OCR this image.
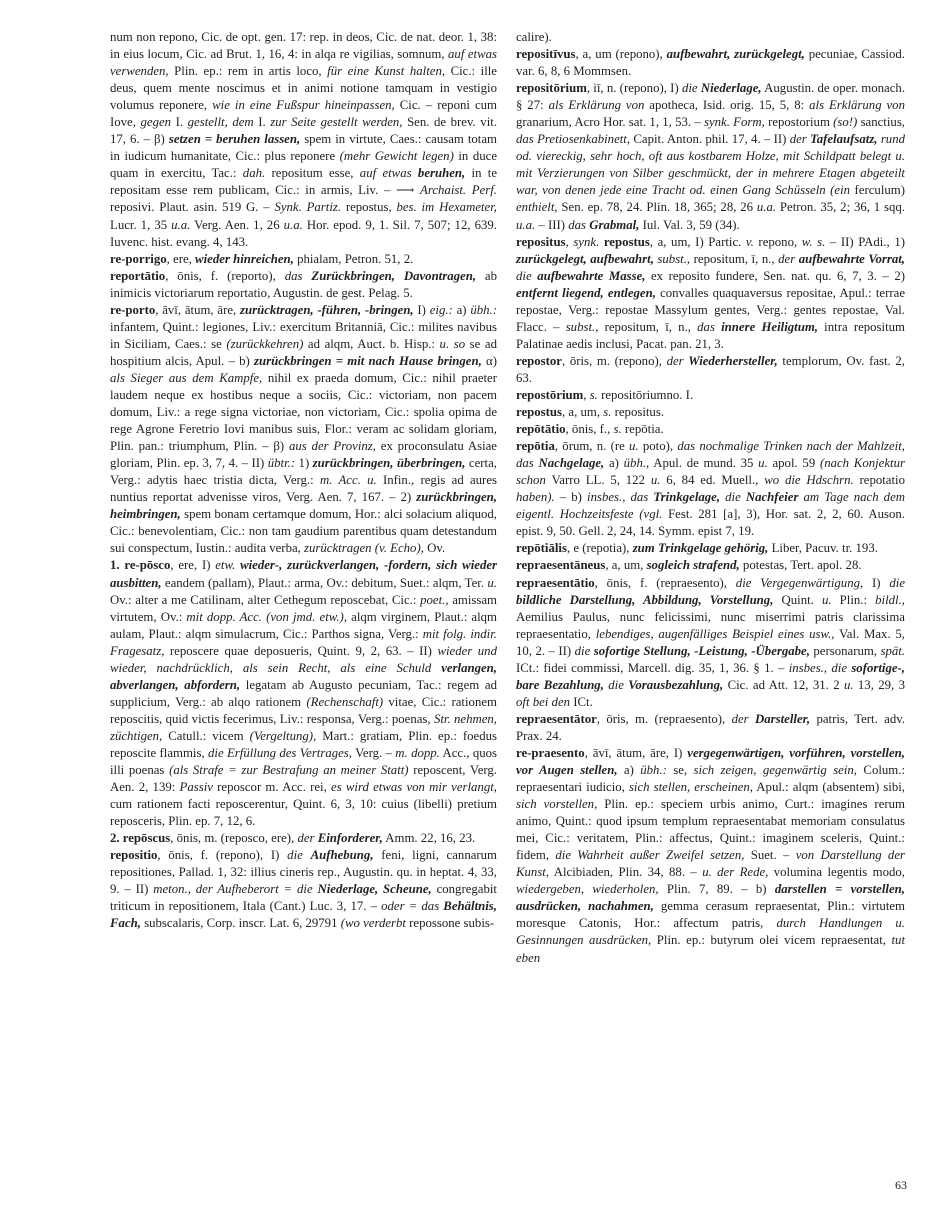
num non repono, Cic. de opt. gen. 17: rep. in deos, Cic. de nat. deor. 1, 38: in eius locum, Cic. ad Brut. 1, 16, 4: in alqa re vigilias, somnum, auf etwas verwenden, Plin. ep.: rem in artis loco, für eine Kunst halten, Cic.: ille deus, quem mente noscimus et in animi notione tamquam in vestigio volumus reponere, wie in eine Fußspur hineinpassen, Cic. – reponi cum Iove, gegen I. gestellt, dem I. zur Seite gestellt werden, Sen. de brev. vit. 17, 6. – β) setzen = beruhen lassen, spem in virtute, Caes.: causam totam in iudicum humanitate, Cic.: plus reponere (mehr Gewicht legen) in duce quam in exercitu, Tac.: dah. repositum esse, auf etwas beruhen, in te repositam esse rem publicam, Cic.: in armis, Liv. – ⟶ Archaist. Perf. reposivi. Plaut. asin. 519 G. – Synk. Partiz. repostus, bes. im Hexameter, Lucr. 1, 35 u.a. Verg. Aen. 1, 26 u.a. Hor. epod. 9, 1. Sil. 7, 507; 12, 639. Iuvenc. hist. evang. 4, 143.

re-porrigo, ere, wieder hinreichen, phialam, Petron. 51, 2.

reportātio, ōnis, f. (reporto), das Zurückbringen, Davontragen, ab inimicis victoriarum reportatio, Augustin. de gest. Pelag. 5.

re-porto, āvī, ātum, āre, zurücktragen, -führen, -bringen, I) eig.: a) übh.: infantem, Quint.: legiones, Liv.: exercitum Britanniā, Cic.: milites navibus in Siciliam, Caes.: se (zurückkehren) ad alqm, Auct. b. Hisp.: u. so se ad hospitium alcis, Apul. – b) zurückbringen = mit nach Hause bringen, α) als Sieger aus dem Kampfe, nihil ex praeda domum, Cic.: nihil praeter laudem neque ex hostibus neque a sociis, Cic.: victoriam, non pacem domum, Liv.: a rege signa victoriae, non victoriam, Cic.: spolia opima de rege Agrone Feretrio Iovi manibus suis, Flor.: veram ac solidam gloriam, Plin. pan.: triumphum, Plin. – β) aus der Provinz, ex proconsulatu Asiae gloriam, Plin. ep. 3, 7, 4. – II) übtr.: 1) zurückbringen, überbringen, certa, Verg.: adytis haec tristia dicta, Verg.: m. Acc. u. Infin., regis ad aures nuntius reportat advenisse viros, Verg. Aen. 7, 167. – 2) zurückbringen, heimbringen, spem bonam certamque domum, Hor.: alci solacium aliquod, Cic.: benevolentiam, Cic.: non tam gaudium parentibus quam detestandum sui conspectum, Iustin.: audita verba, zurücktragen (v. Echo), Ov.

1. re-pōsco, ere, I) etw. wieder-, zurückverlangen, -fordern, sich wieder ausbitten, eandem (pallam), Plaut.: arma, Ov.: debitum, Suet.: alqm, Ter. u. Ov.: alter a me Catilinam, alter Cethegum reposcebat, Cic.: poet., amissam virtutem, Ov.: mit dopp. Acc. (von jmd. etw.), alqm virginem, Plaut.: alqm aulam, Plaut.: alqm simulacrum, Cic.: Parthos signa, Verg.: mit folg. indir. Fragesatz, reposcere quae deposueris, Quint. 9, 2, 63. – II) wieder und wieder, nachdrücklich, als sein Recht, als eine Schuld verlangen, abverlangen, abfordern, legatam ab Augusto pecuniam, Tac.: regem ad supplicium, Verg.: ab alqo rationem (Rechenschaft) vitae, Cic.: rationem reposcitis, quid victis fecerimus, Liv.: responsa, Verg.: poenas, Str. nehmen, züchtigen, Catull.: vicem (Vergeltung), Mart.: gratiam, Plin. ep.: foedus reposcite flammis, die Erfüllung des Vertrages, Verg. – m. dopp. Acc., quos illi poenas (als Strafe = zur Bestrafung an meiner Statt) reposcent, Verg. Aen. 2, 139: Passiv reposcor m. Acc. rei, es wird etwas von mir verlangt, cum rationem facti reposcerentur, Quint. 6, 3, 10: cuius (libelli) pretium reposceris, Plin. ep. 7, 12, 6.

2. repōscus, ōnis, m. (reposco, ere), der Einforderer, Amm. 22, 16, 23.

repositio, ōnis, f. (repono), I) die Aufhebung, feni, ligni, cannarum repositiones, Pallad. 1, 32: illius cineris rep., Augustin. qu. in heptat. 4, 33, 9. – II) meton., der Aufheberort = die Niederlage, Scheune, congregabit triticum in repositionem, Itala (Cant.) Luc. 3, 17. – oder = das Behältnis, Fach, subscalaris, Corp. inscr. Lat. 6, 29791 (wo verderbt repossone subis-

calire).

repositīvus, a, um (repono), aufbewahrt, zurückgelegt, pecuniae, Cassiod. var. 6, 8, 6 Mommsen.

repositōrium, iī, n. (repono), I) die Niederlage, Augustin. de oper. monach. § 27: als Erklärung von apotheca, Isid. orig. 15, 5, 8: als Erklärung von granarium, Acro Hor. sat. 1, 1, 53. – synk. Form, repostorium (so!) sanctius, das Pretiosenkabinett, Capit. Anton. phil. 17, 4. – II) der Tafelaufsatz, rund od. viereckig, sehr hoch, oft aus kostbarem Holze, mit Schildpatt belegt u. mit Verzierungen von Silber geschmückt, der in mehrere Etagen abgeteilt war, von denen jede eine Tracht od. einen Gang Schüsseln (ein ferculum) enthielt, Sen. ep. 78, 24. Plin. 18, 365; 28, 26 u.a. Petron. 35, 2; 36, 1 sqq. u.a. – III) das Grabmal, Iul. Val. 3, 59 (34).

repositus, synk. repostus, a, um, I) Partic. v. repono, w. s. – II) PAdi., 1) zurückgelegt, aufbewahrt, subst., repositum, ī, n., der aufbewahrte Vorrat, die aufbewahrte Masse, ex reposito fundere, Sen. nat. qu. 6, 7, 3. – 2) entfernt liegend, entlegen, convalles quaquaversus repositae, Apul.: terrae repostae, Verg.: repostae Massylum gentes, Verg.: gentes repostae, Val. Flacc. – subst., repositum, ī, n., das innere Heiligtum, intra repositum Palatinae aedis inclusi, Pacat. pan. 21, 3.

repostor, ōris, m. (repono), der Wiederhersteller, templorum, Ov. fast. 2, 63.

repostōrium, s. repositōriumno. I.

repostus, a, um, s. repositus.

repōtātio, ōnis, f., s. repōtia.

repōtia, ōrum, n. (re u. poto), das nochmalige Trinken nach der Mahlzeit, das Nachgelage, a) übh., Apul. de mund. 35 u. apol. 59 (nach Konjektur schon Varro LL. 5, 122 u. 6, 84 ed. Muell., wo die Hdschrn. repotatio haben). – b) insbes., das Trinkgelage, die Nachfeier am Tage nach dem eigentl. Hochzeitsfeste (vgl. Fest. 281 [a], 3), Hor. sat. 2, 2, 60. Auson. epist. 9, 50. Gell. 2, 24, 14. Symm. epist 7, 19.

repōtiālis, e (repotia), zum Trinkgelage gehörig, Liber, Pacuv. tr. 193.

repraesentāneus, a, um, sogleich strafend, potestas, Tert. apol. 28.

repraesentātio, ōnis, f. (repraesento), die Vergegenwärtigung, I) die bildliche Darstellung, Abbildung, Vorstellung, Quint. u. Plin.: bildl., Aemilius Paulus, nunc felicissimi, nunc miserrimi patris clarissima repraesentatio, lebendiges, augenfälliges Beispiel eines usw., Val. Max. 5, 10, 2. – II) die sofortige Stellung, -Leistung, -Übergabe, personarum, spät. ICt.: fidei commissi, Marcell. dig. 35, 1, 36. § 1. – insbes., die sofortige-, bare Bezahlung, die Vorausbezahlung, Cic. ad Att. 12, 31. 2 u. 13, 29, 3 oft bei den ICt.

repraesentātor, ōris, m. (repraesento), der Darsteller, patris, Tert. adv. Prax. 24.

re-praesento, āvī, ātum, āre, I) vergegenwärtigen, vorführen, vorstellen, vor Augen stellen, a) übh.: se, sich zeigen, gegenwärtig sein, Colum.: repraesentari iudicio, sich stellen, erscheinen, Apul.: alqm (absentem) sibi, sich vorstellen, Plin. ep.: speciem urbis animo, Curt.: imagines rerum animo, Quint.: quod ipsum templum repraesentabat memoriam consulatus mei, Cic.: veritatem, Plin.: affectus, Quint.: imaginem sceleris, Quint.: fidem, die Wahrheit außer Zweifel setzen, Suet. – von Darstellung der Kunst, Alcibiaden, Plin. 34, 88. – u. der Rede, volumina legentis modo, wiedergeben, wiederholen, Plin. 7, 89. – b) darstellen = vorstellen, ausdrücken, nachahmen, gemma cerasum repraesentat, Plin.: virtutem moresque Catonis, Hor.: affectum patris, durch Handlungen u. Gesinnungen ausdrücken, Plin. ep.: butyrum olei vicem repraesentat, tut eben

63
